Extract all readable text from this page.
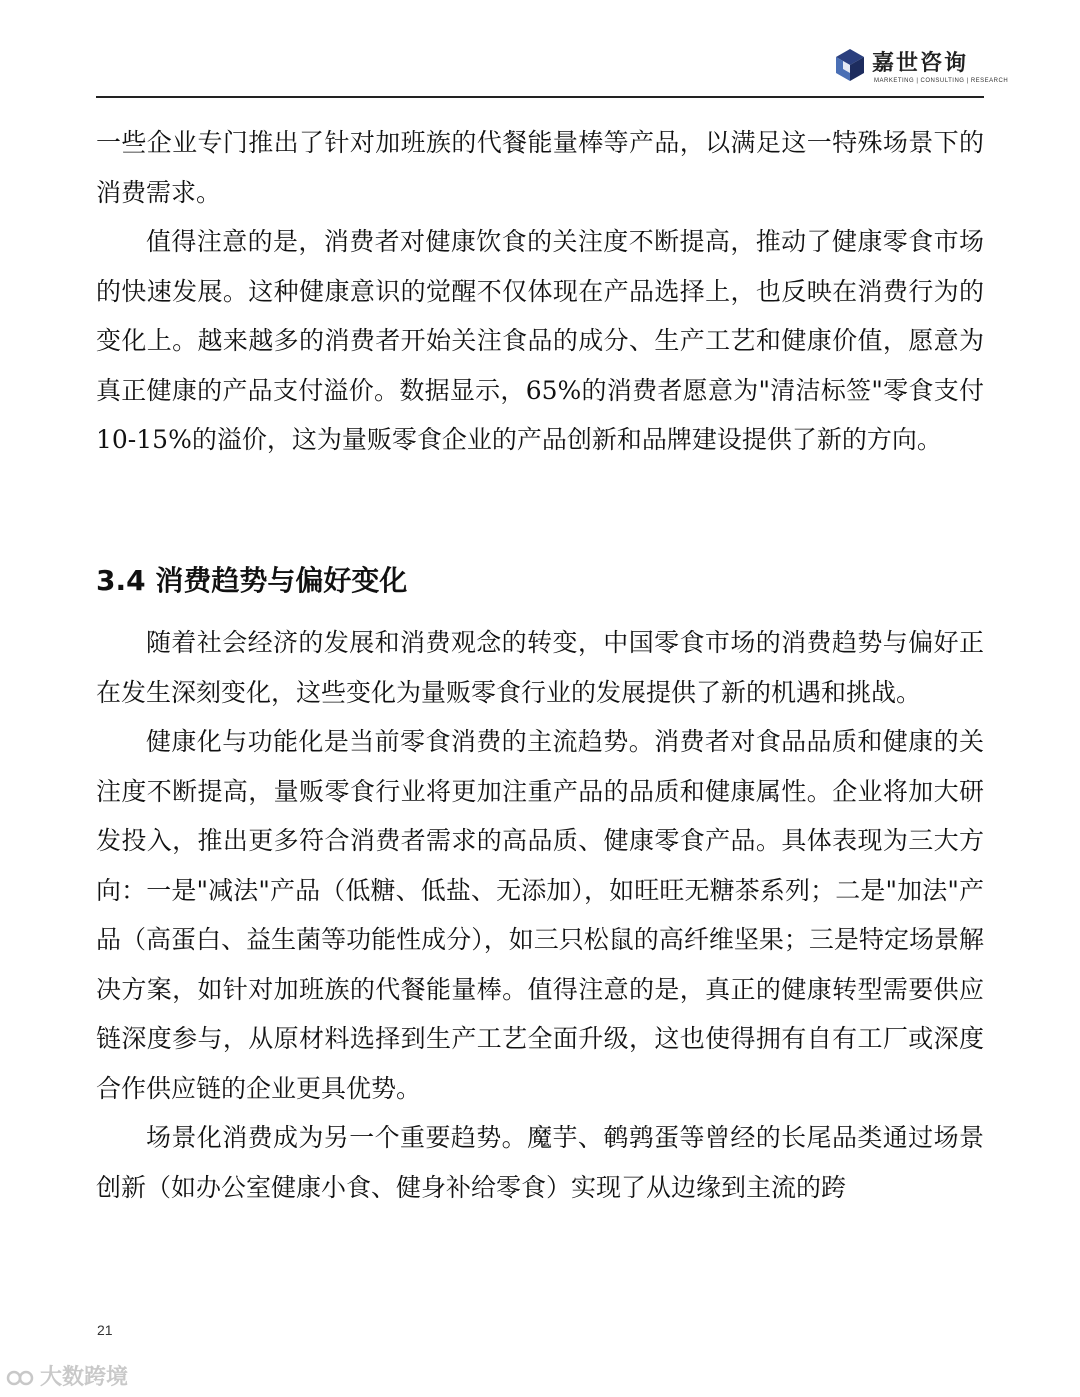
嘉世咨询
MARKETING | CONSULTING | RESEARCH

一些企业专门推出了针对加班族的代餐能量棒等产品，以满足这一特殊场景下的消费需求。

值得注意的是，消费者对健康饮食的关注度不断提高，推动了健康零食市场的快速发展。这种健康意识的觉醒不仅体现在产品选择上，也反映在消费行为的变化上。越来越多的消费者开始关注食品的成分、生产工艺和健康价值，愿意为真正健康的产品支付溢价。数据显示，65%的消费者愿意为"清洁标签"零食支付 10-15%的溢价，这为量贩零食企业的产品创新和品牌建设提供了新的方向。

3.4 消费趋势与偏好变化

随着社会经济的发展和消费观念的转变，中国零食市场的消费趋势与偏好正在发生深刻变化，这些变化为量贩零食行业的发展提供了新的机遇和挑战。

健康化与功能化是当前零食消费的主流趋势。消费者对食品品质和健康的关注度不断提高，量贩零食行业将更加注重产品的品质和健康属性。企业将加大研发投入，推出更多符合消费者需求的高品质、健康零食产品。具体表现为三大方向：一是"减法"产品（低糖、低盐、无添加），如旺旺无糖茶系列；二是"加法"产品（高蛋白、益生菌等功能性成分），如三只松鼠的高纤维坚果；三是特定场景解决方案，如针对加班族的代餐能量棒。值得注意的是，真正的健康转型需要供应链深度参与，从原材料选择到生产工艺全面升级，这也使得拥有自有工厂或深度合作供应链的企业更具优势。

场景化消费成为另一个重要趋势。魔芋、鹌鹑蛋等曾经的长尾品类通过场景创新（如办公室健康小食、健身补给零食）实现了从边缘到主流的跨

21
大数跨境
